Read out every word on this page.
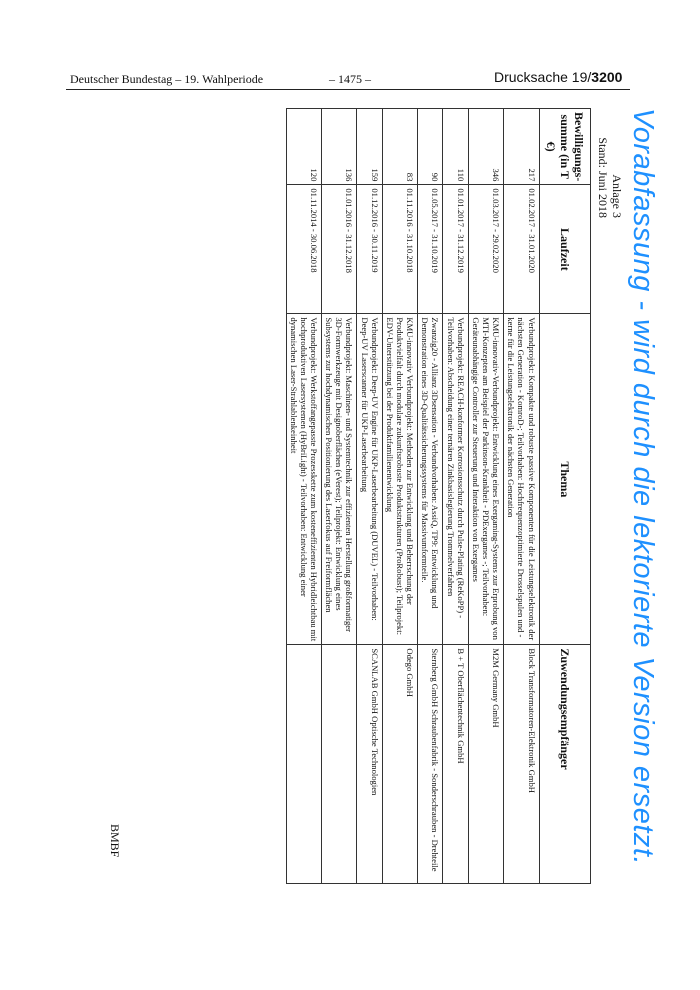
Deutscher Bundestag – 19. Wahlperiode	– 1475 –	Drucksache 19/3200
Vorabfassung - wird durch die lektorierte Version ersetzt.
Anlage 3
Stand: Juni 2018
Bewilligungs-summe (in T €)	Laufzeit	Thema	Zuwendungsempfänger
217	01.02.2017 - 31.01.2020	Verbundprojekt: Kompakte und robuste passive Komponenten für die Leistungselektronik der nächsten Generation - KomroD-; Teilvorhaben: Hochfrequenzoptimierte Drosselspulen und -kerne für die Leistungselektronik der nächsten Generation	Block Transformatoren-Elektronik GmbH
346	01.03.2017 - 29.02.2020	KMU-innovativ-Verbundprojekt: Entwicklung eines Exergaming-Systems zur Erprobung von MTI-Konzepten am Beispiel der Parkinson-Krankheit - PDExergames -; Teilvorhaben: Geräteunabhängige Controller zur Steuerung und Interaktion von Exergames	M2M Germany GmbH
110	01.01.2017 - 31.12.2019	Verbundprojekt: REACH-konformer Korrosionsschutz durch Pulse-Plating (ReKoPP) - Teilvorhaben: Abscheidung einer ternären Zinkbasislegierung Trommelverfahren	B + T Oberflächentechnik GmbH
90	01.05.2017 - 31.10.2019	Zwanzig20 - Allianz 3Dsensation - Verbundvorhaben: AssiQ, TP9: Entwicklung und Demonstration eines 3D-Qualitätssicherungssystems für Massivumformteile.	Sternberg GmbH Schraubenfabrik - Sonderschrauben - Drehteile
83	01.11.2016 - 31.10.2018	KMU-innovativ Verbundprojekt: Methoden zur Entwicklung und Beherrschung der Produktvielfalt durch modulare zukunftsrobuste Produktstrukturen (ProRobust); Teilprojekt: EDV-Unterstützung bei der Produktfamilienentwicklung	Odego GmbH
159	01.12.2016 - 30.11.2019	Verbundprojekt: Deep-UV Engine für UKP-Laserbearbeitung (DUVEL) - Teilvorhaben: Deep-UV Laserscanner für UKP-Laserbearbeitung	SCANLAB GmbH Optische Technologien
136	01.01.2016 - 31.12.2018	Verbundprojekt: Maschinen- und Systemtechnik zur effizienten Herstellung großformatiger 3D-Formwerkzeuge mit Designoberflächen (eVerest); Teilprojekt: Entwicklung eines Subsystems zur hochdynamischen Positionierung des Laserfokus auf Freiformflächen	
120	01.11.2014 - 30.06.2018	Verbundprojekt: Werkstoffangepasste Prozesskette zum kosteneffizienten Hybridleichtbau mit hochproduktiven Lasersystemen (HyBriLight) - Teilvorhaben: Entwicklung einer dynamischen Laser-Strahlablenkeinheit	
BMBF
